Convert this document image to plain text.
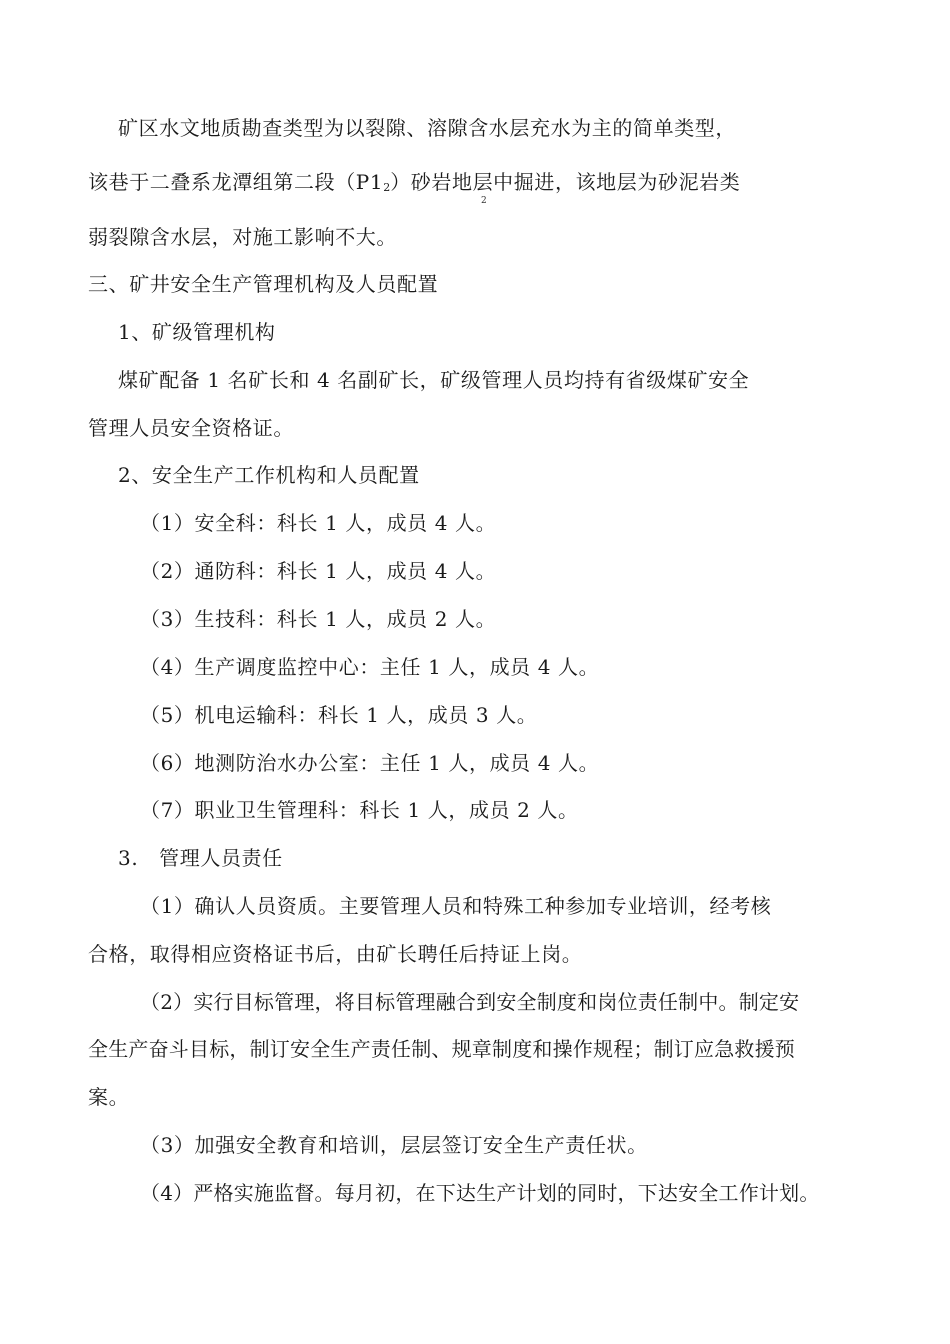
矿区水文地质勘查类型为以裂隙、溶隙含水层充水为主的简单类型，
该巷于二叠系龙潭组第二段（P12）砂岩地层中掘进，该地层为砂泥岩类
2
弱裂隙含水层，对施工影响不大。
三、矿井安全生产管理机构及人员配置
1、矿级管理机构
煤矿配备 1 名矿长和 4 名副矿长，矿级管理人员均持有省级煤矿安全
管理人员安全资格证。
2、安全生产工作机构和人员配置
（1）安全科：科长 1 人，成员 4 人。
（2）通防科：科长 1 人，成员 4 人。
（3）生技科：科长 1 人，成员 2 人。
（4）生产调度监控中心：主任 1 人，成员 4 人。
（5）机电运输科：科长 1 人，成员 3 人。
（6）地测防治水办公室：主任 1 人，成员 4 人。
（7）职业卫生管理科：科长 1 人，成员 2 人。
3.   管理人员责任
（1）确认人员资质。主要管理人员和特殊工种参加专业培训，经考核
合格，取得相应资格证书后，由矿长聘任后持证上岗。
（2）实行目标管理，将目标管理融合到安全制度和岗位责任制中。制定安
全生产奋斗目标，制订安全生产责任制、规章制度和操作规程；制订应急救援预
案。
（3）加强安全教育和培训，层层签订安全生产责任状。
（4）严格实施监督。每月初，在下达生产计划的同时，下达安全工作计划。
